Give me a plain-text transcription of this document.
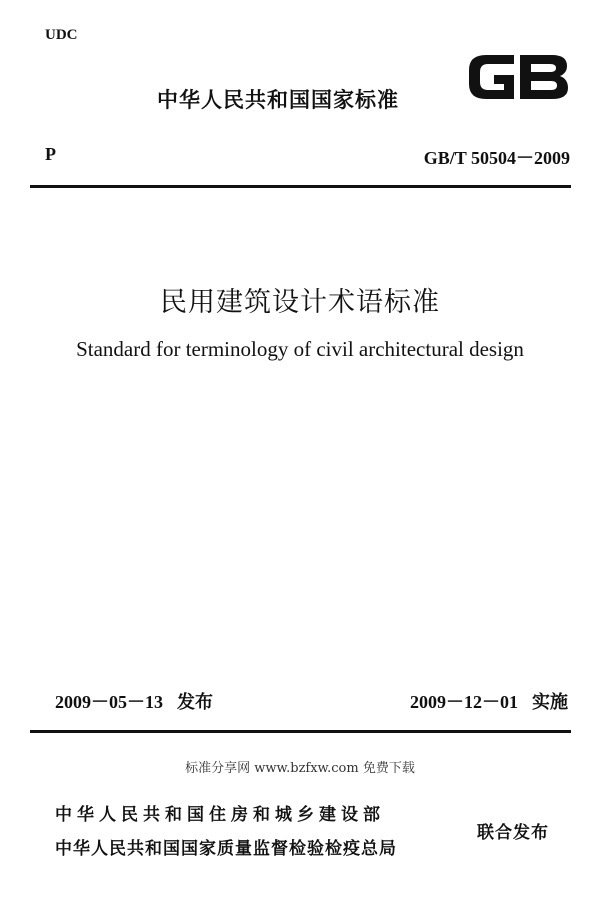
UDC
中华人民共和国国家标准	GB
P	GB/T 50504－2009
民用建筑设计术语标准
Standard for terminology of civil architectural design
2009－05－13 发布	2009－12－01 实施
标准分享网 www.bzfxw.com 免费下载
中华人民共和国住房和城乡建设部
中华人民共和国国家质量监督检验检疫总局
联合发布
